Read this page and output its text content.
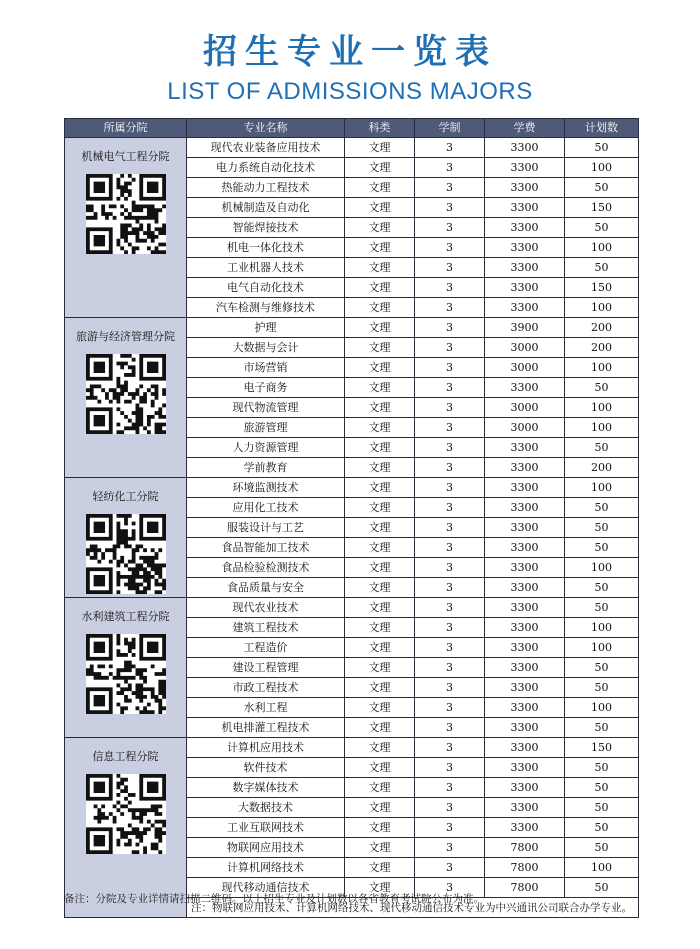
招生专业一览表
LIST OF ADMISSIONS MAJORS
所属分院	专业名称	科类	学制	学费	计划数

机械电气工程分院	现代农业装备应用技术	文理	3	3300	50
	电力系统自动化技术	文理	3	3300	100
	热能动力工程技术	文理	3	3300	50
	机械制造及自动化	文理	3	3300	150
	智能焊接技术	文理	3	3300	50
	机电一体化技术	文理	3	3300	100
	工业机器人技术	文理	3	3300	50
	电气自动化技术	文理	3	3300	150
	汽车检测与维修技术	文理	3	3300	100

旅游与经济管理分院	护理	文理	3	3900	200
	大数据与会计	文理	3	3000	200
	市场营销	文理	3	3000	100
	电子商务	文理	3	3300	50
	现代物流管理	文理	3	3000	100
	旅游管理	文理	3	3000	100
	人力资源管理	文理	3	3300	50
	学前教育	文理	3	3300	200

轻纺化工分院	环境监测技术	文理	3	3300	100
	应用化工技术	文理	3	3300	50
	服装设计与工艺	文理	3	3300	50
	食品智能加工技术	文理	3	3300	50
	食品检验检测技术	文理	3	3300	100
	食品质量与安全	文理	3	3300	50

水利建筑工程分院	现代农业技术	文理	3	3300	50
	建筑工程技术	文理	3	3300	100
	工程造价	文理	3	3300	100
	建设工程管理	文理	3	3300	50
	市政工程技术	文理	3	3300	50
	水利工程	文理	3	3300	100
	机电排灌工程技术	文理	3	3300	50

信息工程分院	计算机应用技术	文理	3	3300	150
	软件技术	文理	3	3300	50
	数字媒体技术	文理	3	3300	50
	大数据技术	文理	3	3300	50
	工业互联网技术	文理	3	3300	50
	物联网应用技术	文理	3	7800	50
	计算机网络技术	文理	3	7800	100
	现代移动通信技术	文理	3	7800	50
	注：物联网应用技术、计算机网络技术、现代移动通信技术专业为中兴通讯公司联合办学专业。				
备注：分院及专业详情请扫描二维码。以上招生专业及计划数以各省教育考试院公布为准。
